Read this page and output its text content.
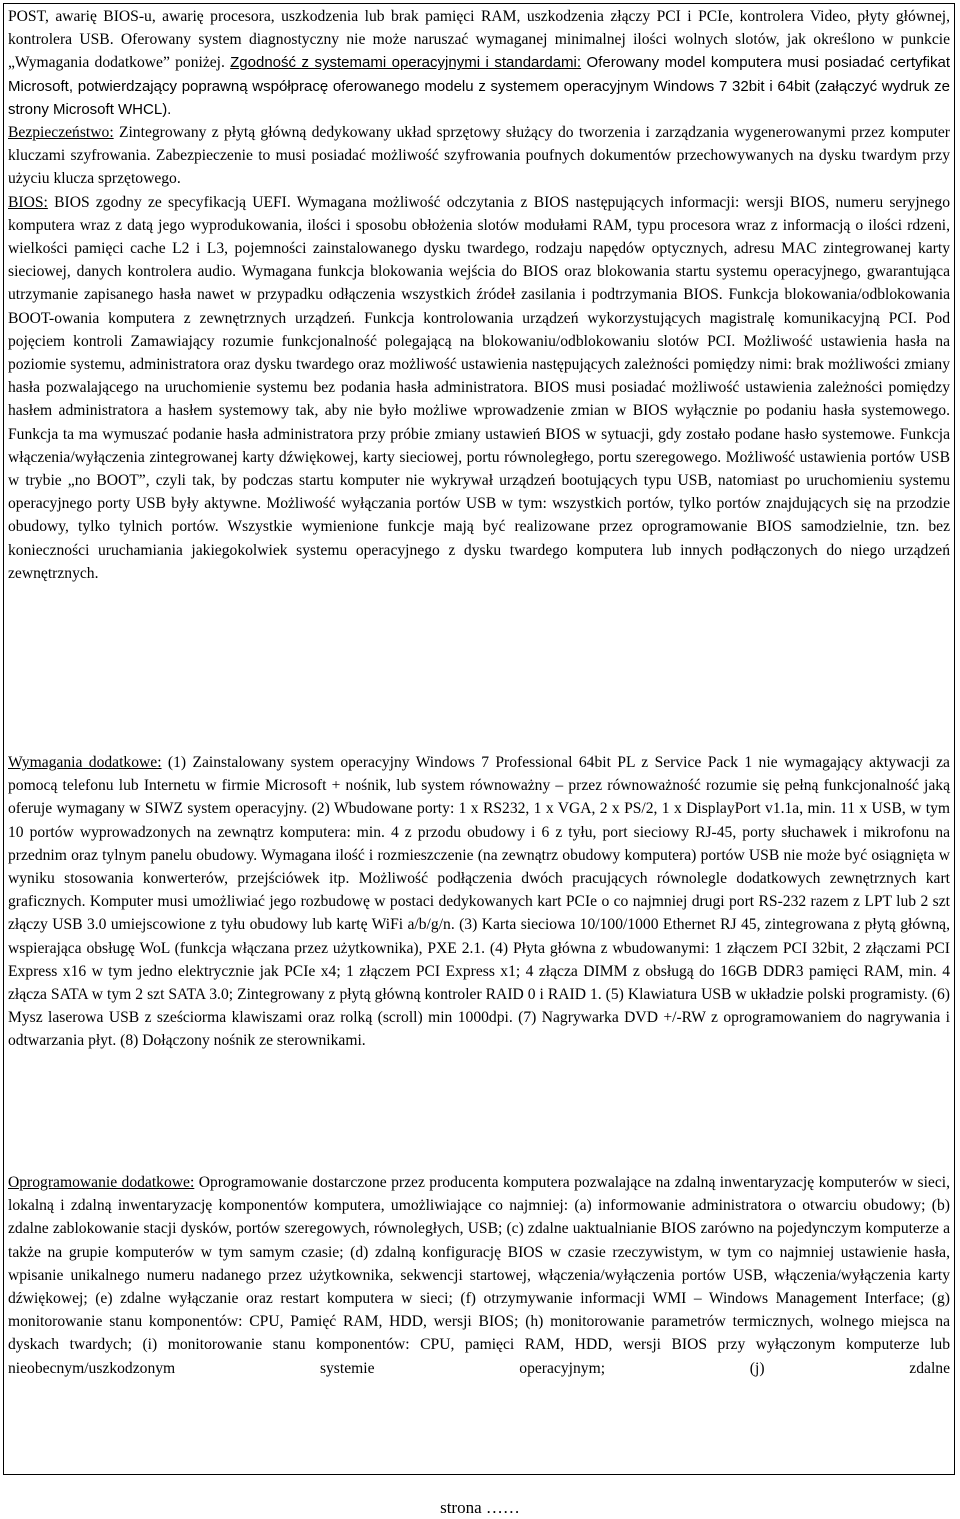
POST, awarię BIOS-u, awarię procesora, uszkodzenia lub brak pamięci RAM, uszkodzenia złączy PCI i PCIe, kontrolera Video, płyty głównej, kontrolera USB. Oferowany system diagnostyczny nie może naruszać wymaganej minimalnej ilości wolnych slotów, jak określono w punkcie „Wymagania dodatkowe” poniżej. Zgodność z systemami operacyjnymi i standardami: Oferowany model komputera musi posiadać certyfikat Microsoft, potwierdzający poprawną współpracę oferowanego modelu z systemem operacyjnym Windows 7 32bit i 64bit (załączyć wydruk ze strony Microsoft WHCL).

Bezpieczeństwo: Zintegrowany z płytą główną dedykowany układ sprzętowy służący do tworzenia i zarządzania wygenerowanymi przez komputer kluczami szyfrowania. Zabezpieczenie to musi posiadać możliwość szyfrowania poufnych dokumentów przechowywanych na dysku twardym przy użyciu klucza sprzętowego.

BIOS: BIOS zgodny ze specyfikacją UEFI. Wymagana możliwość odczytania z BIOS następujących informacji: wersji BIOS, numeru seryjnego komputera wraz z datą jego wyprodukowania, ilości i sposobu obłożenia slotów modułami RAM, typu procesora wraz z informacją o ilości rdzeni, wielkości pamięci cache L2 i L3, pojemności zainstalowanego dysku twardego, rodzaju napędów optycznych, adresu MAC zintegrowanej karty sieciowej, danych kontrolera audio. Wymagana funkcja blokowania wejścia do BIOS oraz blokowania startu systemu operacyjnego, gwarantująca utrzymanie zapisanego hasła nawet w przypadku odłączenia wszystkich źródeł zasilania i podtrzymania BIOS. Funkcja blokowania/odblokowania BOOT-owania komputera z zewnętrznych urządzeń. Funkcja kontrolowania urządzeń wykorzystujących magistralę komunikacyjną PCI. Pod pojęciem kontroli Zamawiający rozumie funkcjonalność polegającą na blokowaniu/odblokowaniu slotów PCI. Możliwość ustawienia hasła na poziomie systemu, administratora oraz dysku twardego oraz możliwość ustawienia następujących zależności pomiędzy nimi: brak możliwości zmiany hasła pozwalającego na uruchomienie systemu bez podania hasła administratora. BIOS musi posiadać możliwość ustawienia zależności pomiędzy hasłem administratora a hasłem systemowy tak, aby nie było możliwe wprowadzenie zmian w BIOS wyłącznie po podaniu hasła systemowego. Funkcja ta ma wymuszać podanie hasła administratora przy próbie zmiany ustawień BIOS w sytuacji, gdy zostało podane hasło systemowe. Funkcja włączenia/wyłączenia zintegrowanej karty dźwiękowej, karty sieciowej, portu równoległego, portu szeregowego. Możliwość ustawienia portów USB w trybie „no BOOT”, czyli tak, by podczas startu komputer nie wykrywał urządzeń bootujących typu USB, natomiast po uruchomieniu systemu operacyjnego porty USB były aktywne. Możliwość wyłączania portów USB w tym: wszystkich portów, tylko portów znajdujących się na przodzie obudowy, tylko tylnich portów. Wszystkie wymienione funkcje mają być realizowane przez oprogramowanie BIOS samodzielnie, tzn. bez konieczności uruchamiania jakiegokolwiek systemu operacyjnego z dysku twardego komputera lub innych podłączonych do niego urządzeń zewnętrznych.

Wymagania dodatkowe: (1) Zainstalowany system operacyjny Windows 7 Professional 64bit PL z Service Pack 1 nie wymagający aktywacji za pomocą telefonu lub Internetu w firmie Microsoft + nośnik, lub system równoważny – przez równoważność rozumie się pełną funkcjonalność jaką oferuje wymagany w SIWZ system operacyjny. (2) Wbudowane porty: 1 x RS232, 1 x VGA, 2 x PS/2, 1 x DisplayPort v1.1a, min. 11 x USB, w tym 10 portów wyprowadzonych na zewnątrz komputera: min. 4 z przodu obudowy i 6 z tyłu, port sieciowy RJ-45, porty słuchawek i mikrofonu na przednim oraz tylnym panelu obudowy. Wymagana ilość i rozmieszczenie (na zewnątrz obudowy komputera) portów USB nie może być osiągnięta w wyniku stosowania konwerterów, przejściówek itp. Możliwość podłączenia dwóch pracujących równolegle dodatkowych zewnętrznych kart graficznych. Komputer musi umożliwiać jego rozbudowę w postaci dedykowanych kart PCIe o co najmniej drugi port RS-232 razem z LPT lub 2 szt złączy USB 3.0 umiejscowione z tyłu obudowy lub kartę WiFi a/b/g/n. (3) Karta sieciowa 10/100/1000 Ethernet RJ 45, zintegrowana z płytą główną, wspierająca obsługę WoL (funkcja włączana przez użytkownika), PXE 2.1. (4) Płyta główna z wbudowanymi: 1 złączem PCI 32bit, 2 złączami PCI Express x16 w tym jedno elektrycznie jak PCIe x4; 1 złączem PCI Express x1; 4 złącza DIMM z obsługą do 16GB DDR3 pamięci RAM, min. 4 złącza SATA w tym 2 szt SATA 3.0; Zintegrowany z płytą główną kontroler RAID 0 i RAID 1. (5) Klawiatura USB w układzie polski programisty. (6) Mysz laserowa USB z sześciorma klawiszami oraz rolką (scroll) min 1000dpi. (7) Nagrywarka DVD +/-RW z oprogramowaniem do nagrywania i odtwarzania płyt. (8) Dołączony nośnik ze sterownikami.

Oprogramowanie dodatkowe: Oprogramowanie dostarczone przez producenta komputera pozwalające na zdalną inwentaryzację komputerów w sieci, lokalną i zdalną inwentaryzację komponentów komputera, umożliwiające co najmniej: (a) informowanie administratora o otwarciu obudowy; (b) zdalne zablokowanie stacji dysków, portów szeregowych, równoległych, USB; (c) zdalne uaktualnianie BIOS zarówno na pojedynczym komputerze a także na grupie komputerów w tym samym czasie; (d) zdalną konfigurację BIOS w czasie rzeczywistym, w tym co najmniej ustawienie hasła, wpisanie unikalnego numeru nadanego przez użytkownika, sekwencji startowej, włączenia/wyłączenia portów USB, włączenia/wyłączenia karty dźwiękowej; (e) zdalne wyłączanie oraz restart komputera w sieci; (f) otrzymywanie informacji WMI – Windows Management Interface; (g) monitorowanie stanu komponentów: CPU, Pamięć RAM, HDD, wersji BIOS; (h) monitorowanie parametrów termicznych, wolnego miejsca na dyskach twardych; (i) monitorowanie stanu komponentów: CPU, pamięci RAM, HDD, wersji BIOS przy wyłączonym komputerze lub nieobecnym/uszkodzonym systemie operacyjnym; (j) zdalne

strona ……
